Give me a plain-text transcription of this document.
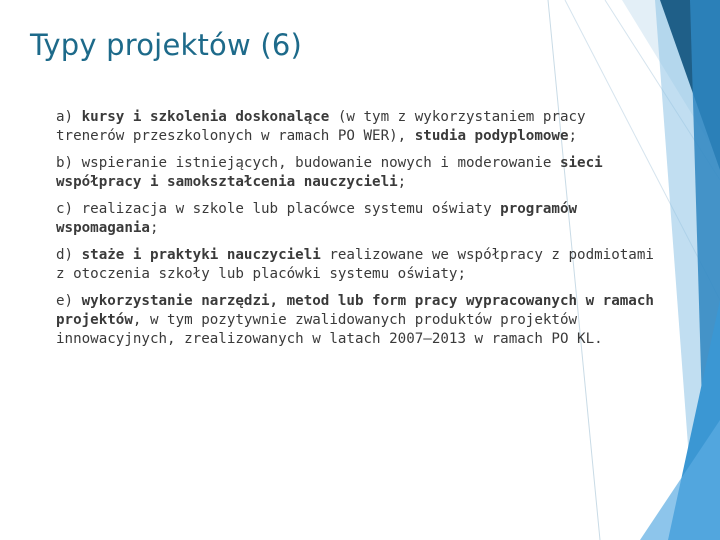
Typy projektów (6)

a) kursy i szkolenia doskonalące (w tym z wykorzystaniem pracy trenerów przeszkolonych w ramach PO WER), studia podyplomowe;

b) wspieranie istniejących, budowanie nowych i moderowanie sieci współpracy i samokształcenia nauczycieli;

c) realizacja w szkole lub placówce systemu oświaty programów wspomagania;

d) staże i praktyki nauczycieli realizowane we współpracy z podmiotami z otoczenia szkoły lub placówki systemu oświaty;

e) wykorzystanie narzędzi, metod lub form pracy wypracowanych w ramach projektów, w tym pozytywnie zwalidowanych produktów projektów innowacyjnych, zrealizowanych w latach 2007–2013 w ramach PO KL.
